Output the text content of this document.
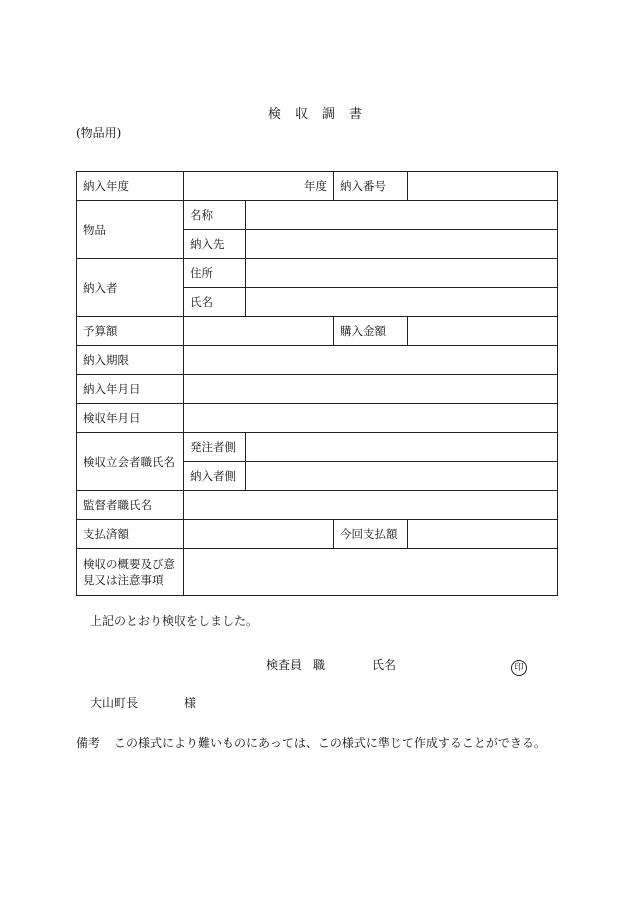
検収調書
(物品用)
納入年度	年度		納入番号	
物品	名称			
	納入先			
納入者	住所			
	氏名			
予算額			購入金額	
納入期限				
納入年月日				
検収年月日				
検収立会者職氏名	発注者側			
	納入者側			
監督者職氏名				
支払済額			今回支払額	
検収の概要及び意見又は注意事項				
上記のとおり検収をしました。
検査員 職	氏名	印
大山町長	様
備考 この様式により難いものにあっては、この様式に準じて作成することができる。
